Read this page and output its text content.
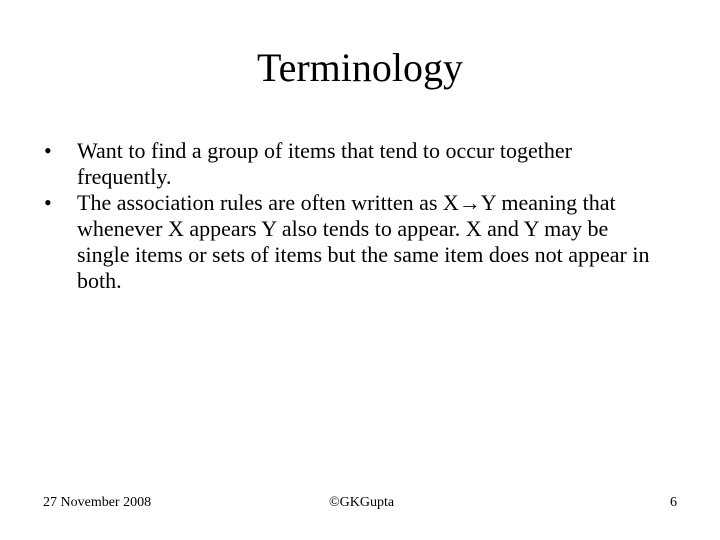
Terminology
•	Want to find a group of items that tend to occur together frequently.
•	The association rules are often written as X→Y meaning that whenever X appears Y also tends to appear. X and Y may be single items or sets of items but the same item does not appear in both.
27 November 2008	©GKGupta	6
